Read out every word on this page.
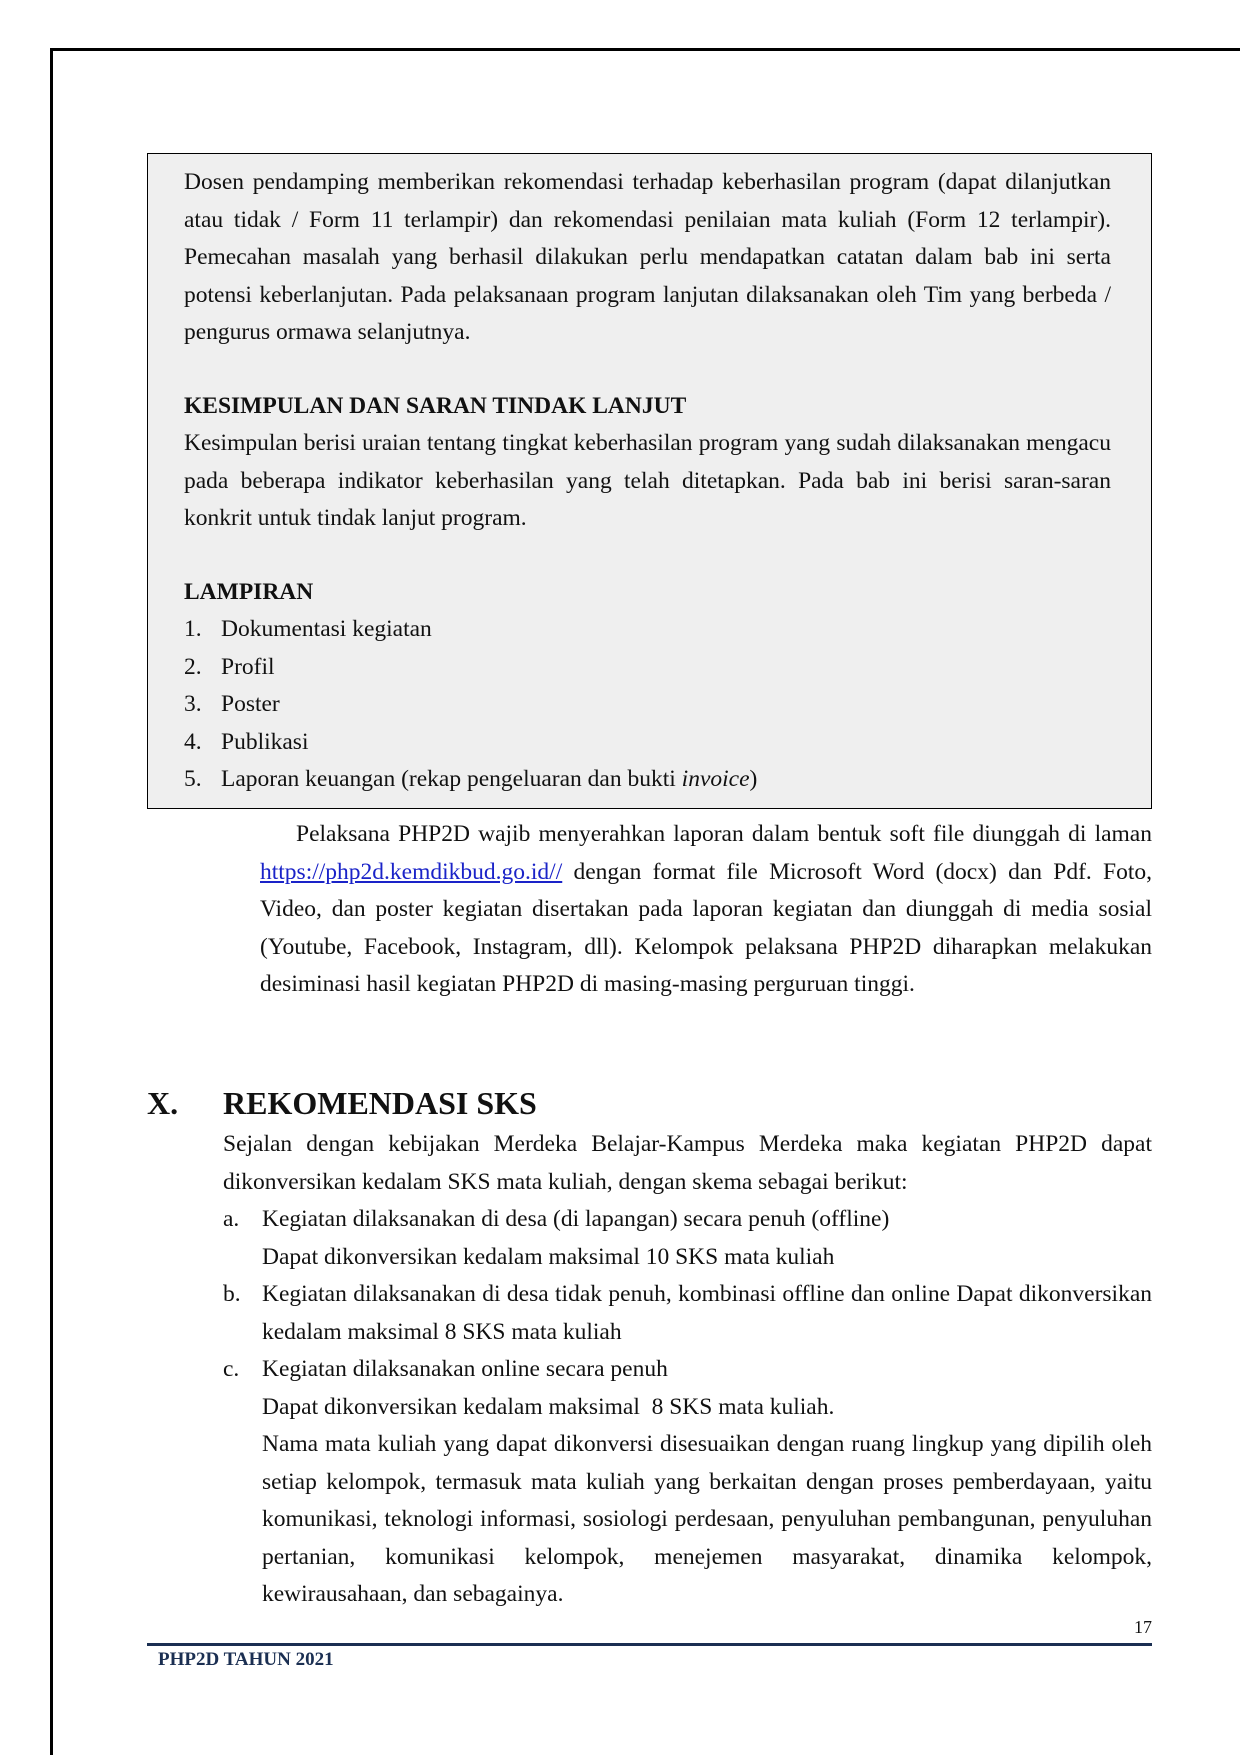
Dosen pendamping memberikan rekomendasi terhadap keberhasilan program (dapat dilanjutkan atau tidak / Form 11 terlampir) dan rekomendasi penilaian mata kuliah (Form 12 terlampir). Pemecahan masalah yang berhasil dilakukan perlu mendapatkan catatan dalam bab ini serta potensi keberlanjutan. Pada pelaksanaan program lanjutan dilaksanakan oleh Tim yang berbeda / pengurus ormawa selanjutnya.

KESIMPULAN DAN SARAN TINDAK LANJUT

Kesimpulan berisi uraian tentang tingkat keberhasilan program yang sudah dilaksanakan mengacu pada beberapa indikator keberhasilan yang telah ditetapkan. Pada bab ini berisi saran-saran konkrit untuk tindak lanjut program.

LAMPIRAN

1. Dokumentasi kegiatan
2. Profil
3. Poster
4. Publikasi
5. Laporan keuangan (rekap pengeluaran dan bukti invoice)

Pelaksana PHP2D wajib menyerahkan laporan dalam bentuk soft file diunggah di laman https://php2d.kemdikbud.go.id// dengan format file Microsoft Word (docx) dan Pdf. Foto, Video, dan poster kegiatan disertakan pada laporan kegiatan dan diunggah di media sosial (Youtube, Facebook, Instagram, dll). Kelompok pelaksana PHP2D diharapkan melakukan desiminasi hasil kegiatan PHP2D di masing-masing perguruan tinggi.

X.	REKOMENDASI SKS

Sejalan dengan kebijakan Merdeka Belajar-Kampus Merdeka maka kegiatan PHP2D dapat dikonversikan kedalam SKS mata kuliah, dengan skema sebagai berikut:

a. Kegiatan dilaksanakan di desa (di lapangan) secara penuh (offline)

Dapat dikonversikan kedalam maksimal 10 SKS mata kuliah

b. Kegiatan dilaksanakan di desa tidak penuh, kombinasi offline dan online Dapat dikonversikan kedalam maksimal 8 SKS mata kuliah

c. Kegiatan dilaksanakan online secara penuh

Dapat dikonversikan kedalam maksimal  8 SKS mata kuliah.

Nama mata kuliah yang dapat dikonversi disesuaikan dengan ruang lingkup yang dipilih oleh setiap kelompok, termasuk mata kuliah yang berkaitan dengan proses pemberdayaan, yaitu komunikasi, teknologi informasi, sosiologi perdesaan, penyuluhan pembangunan, penyuluhan pertanian, komunikasi kelompok, menejemen masyarakat, dinamika kelompok, kewirausahaan, dan sebagainya.

17
PHP2D TAHUN 2021
